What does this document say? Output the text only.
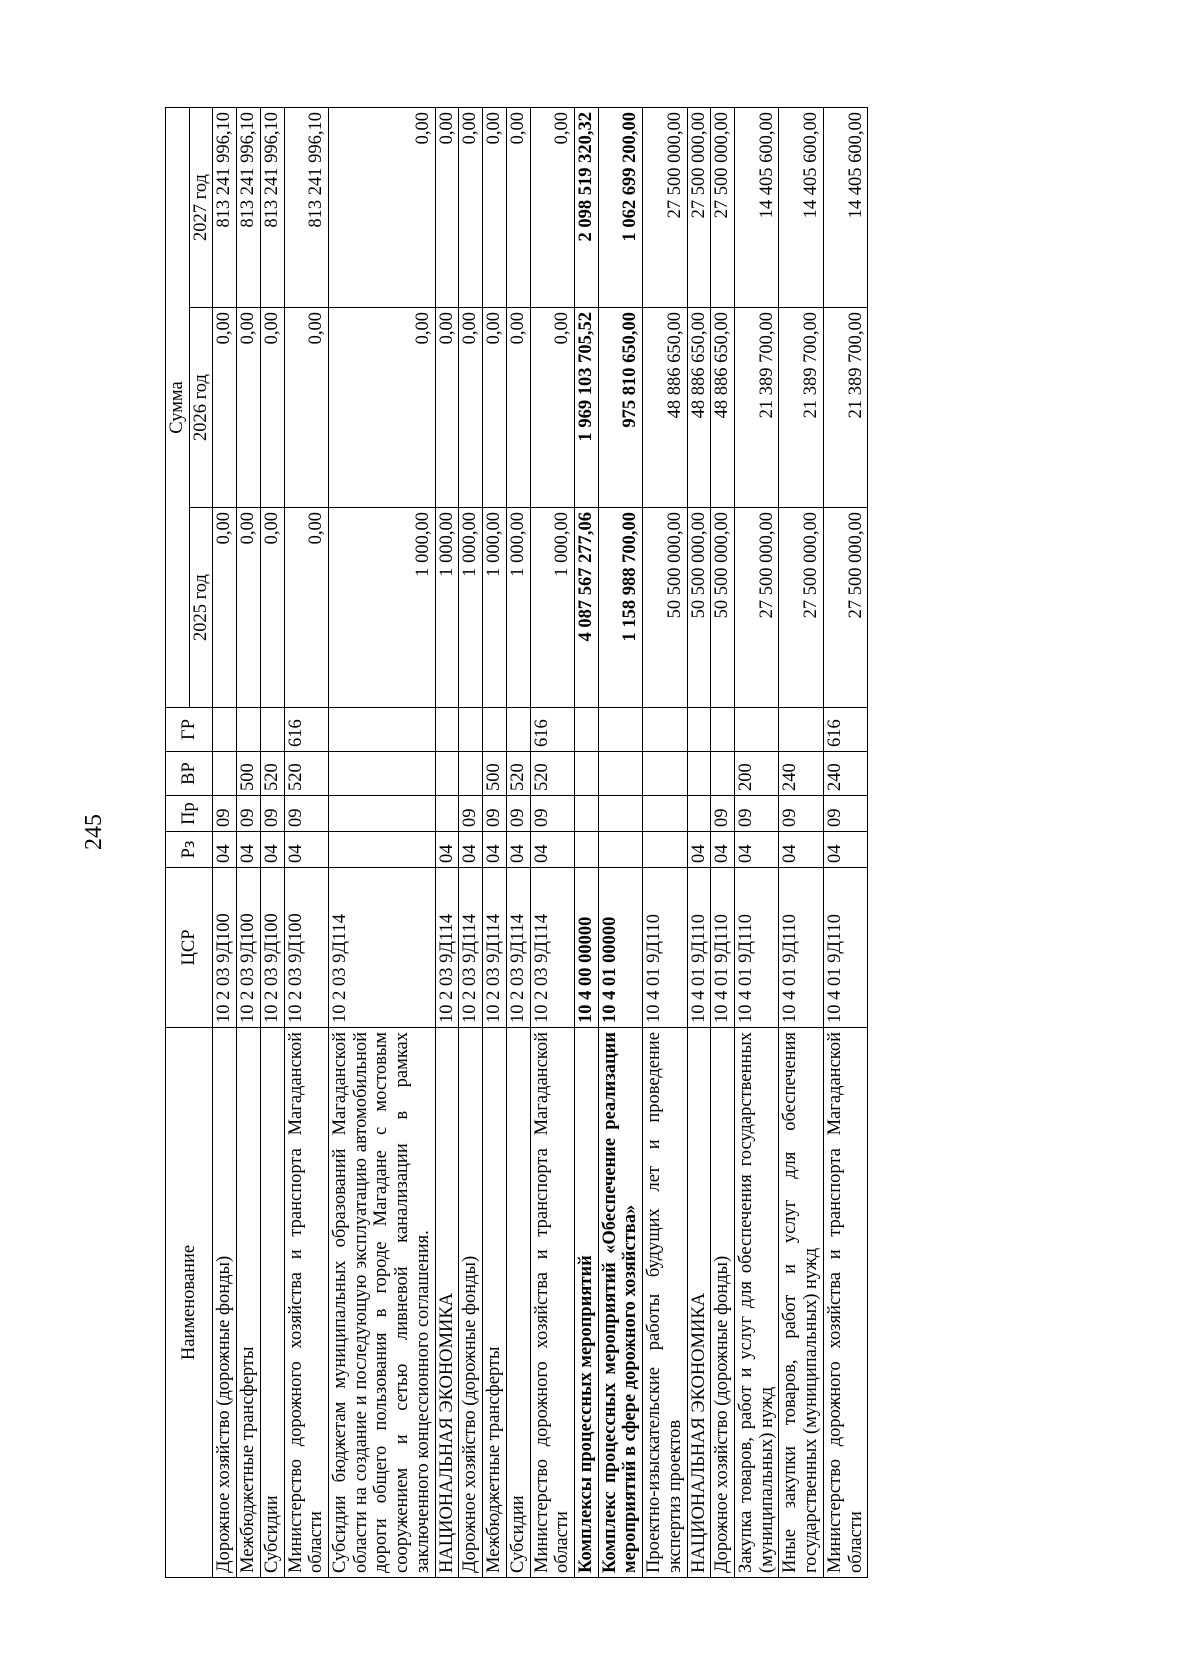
245
Наименование	ЦСР	Рз	Пр	ВР	ГР	Сумма		
						2025 год	2026 год	2027 год
Дорожное хозяйство (дорожные фонды)	10 2 03 9Д100	04	09			0,00	0,00	813 241 996,10
Межбюджетные трансферты	10 2 03 9Д100	04	09	500		0,00	0,00	813 241 996,10
Субсидии	10 2 03 9Д100	04	09	520		0,00	0,00	813 241 996,10
Министерство дорожного хозяйства и транспорта Магаданской области	10 2 03 9Д100	04	09	520	616	0,00	0,00	813 241 996,10
Субсидии бюджетам муниципальных образований Магаданской области на создание и последующую эксплуатацию автомобильной дороги общего пользования в городе Магадане с мостовым сооружением и сетью ливневой канализации в рамках заключенного концессионного соглашения.	10 2 03 9Д114					1 000,00	0,00	0,00
НАЦИОНАЛЬНАЯ ЭКОНОМИКА	10 2 03 9Д114	04				1 000,00	0,00	0,00
Дорожное хозяйство (дорожные фонды)	10 2 03 9Д114	04	09			1 000,00	0,00	0,00
Межбюджетные трансферты	10 2 03 9Д114	04	09	500		1 000,00	0,00	0,00
Субсидии	10 2 03 9Д114	04	09	520		1 000,00	0,00	0,00
Министерство дорожного хозяйства и транспорта Магаданской области	10 2 03 9Д114	04	09	520	616	1 000,00	0,00	0,00
Комплексы процессных мероприятий	10 4 00 00000					4 087 567 277,06	1 969 103 705,52	2 098 519 320,32
Комплекс процессных мероприятий «Обеспечение реализации мероприятий в сфере дорожного хозяйства»	10 4 01 00000					1 158 988 700,00	975 810 650,00	1 062 699 200,00
Проектно-изыскательские работы будущих лет и проведение экспертиз проектов	10 4 01 9Д110					50 500 000,00	48 886 650,00	27 500 000,00
НАЦИОНАЛЬНАЯ ЭКОНОМИКА	10 4 01 9Д110	04				50 500 000,00	48 886 650,00	27 500 000,00
Дорожное хозяйство (дорожные фонды)	10 4 01 9Д110	04	09			50 500 000,00	48 886 650,00	27 500 000,00
Закупка товаров, работ и услуг для обеспечения государственных (муниципальных) нужд	10 4 01 9Д110	04	09	200		27 500 000,00	21 389 700,00	14 405 600,00
Иные закупки товаров, работ и услуг для обеспечения государственных (муниципальных) нужд	10 4 01 9Д110	04	09	240		27 500 000,00	21 389 700,00	14 405 600,00
Министерство дорожного хозяйства и транспорта Магаданской области	10 4 01 9Д110	04	09	240	616	27 500 000,00	21 389 700,00	14 405 600,00
